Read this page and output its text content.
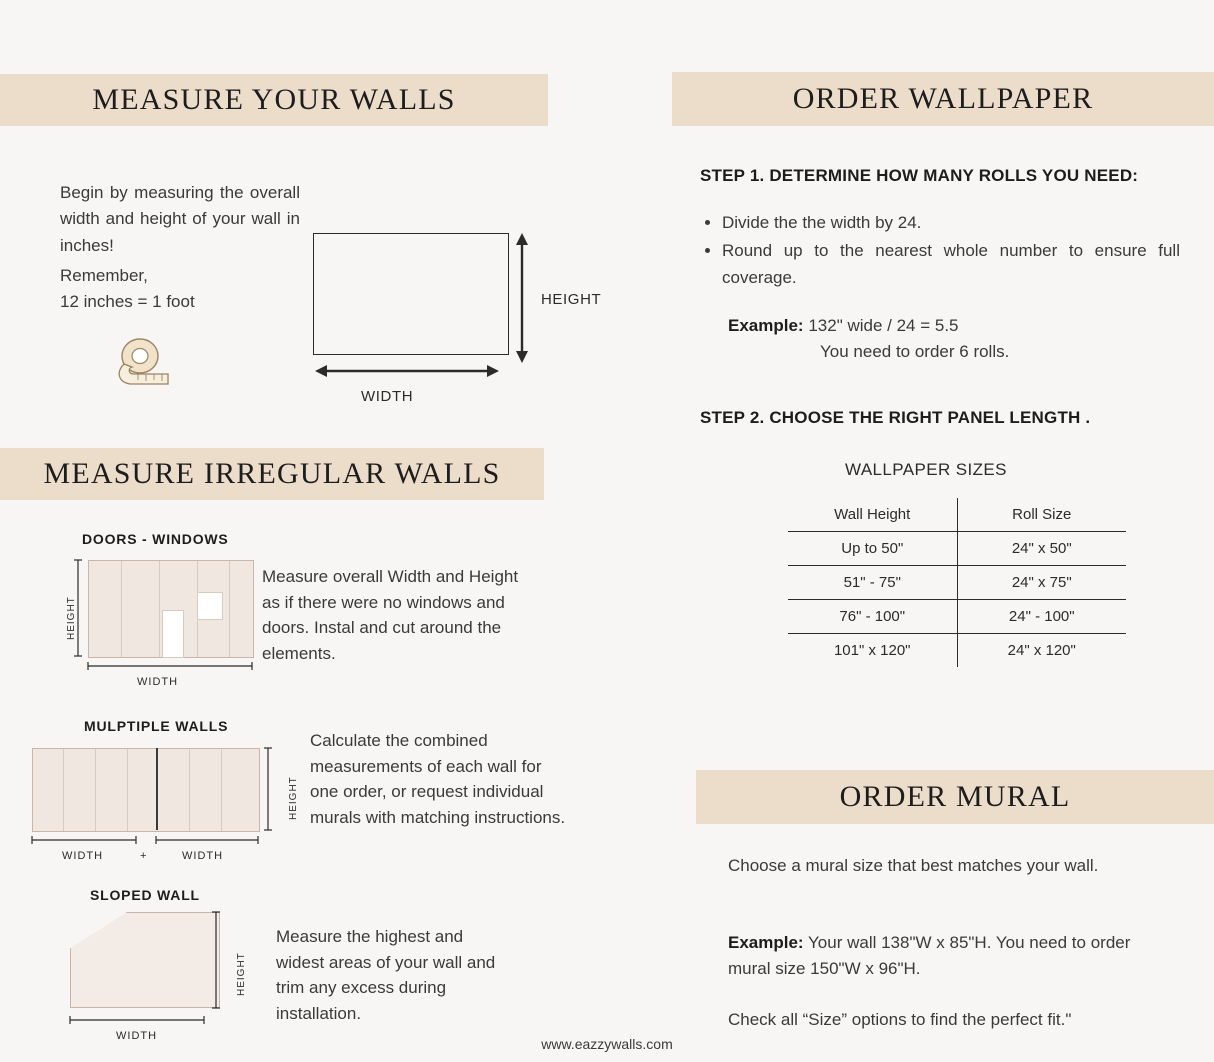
MEASURE YOUR WALLS

Begin by measuring the overall width and height of your wall in inches!

Remember,
12 inches = 1 foot	HEIGHT
WIDTH
MEASURE IRREGULAR WALLS
DOORS - WINDOWS
HEIGHT
WIDTH
Measure overall Width and Height as if there were no windows and doors. Instal and cut around the elements.
MULPTIPLE WALLS
HEIGHT
WIDTH	+	WIDTH
Calculate the combined measurements of each wall for one order, or request individual murals with matching instructions.
SLOPED WALL
HEIGHT
WIDTH
Measure the highest and widest areas of your wall and trim any excess during installation.
ORDER WALLPAPER
STEP 1. DETERMINE HOW MANY ROLLS YOU NEED:
• Divide the the width by 24.
• Round up to the nearest whole number to ensure full coverage.
Example: 132" wide / 24 = 5.5
You need to order 6 rolls.
STEP 2. CHOOSE THE RIGHT PANEL LENGTH .
WALLPAPER SIZES
Wall Height	Roll Size
Up to 50"	24" x 50"
51" - 75"	24" x 75"
76" - 100"	24" - 100"
101" x 120"	24" x 120"
ORDER MURAL
Choose a mural size that best matches your wall.
Example: Your wall 138"W x 85"H. You need to order mural size 150"W x 96"H.
Check all “Size” options to find the perfect fit."
www.eazzywalls.com
